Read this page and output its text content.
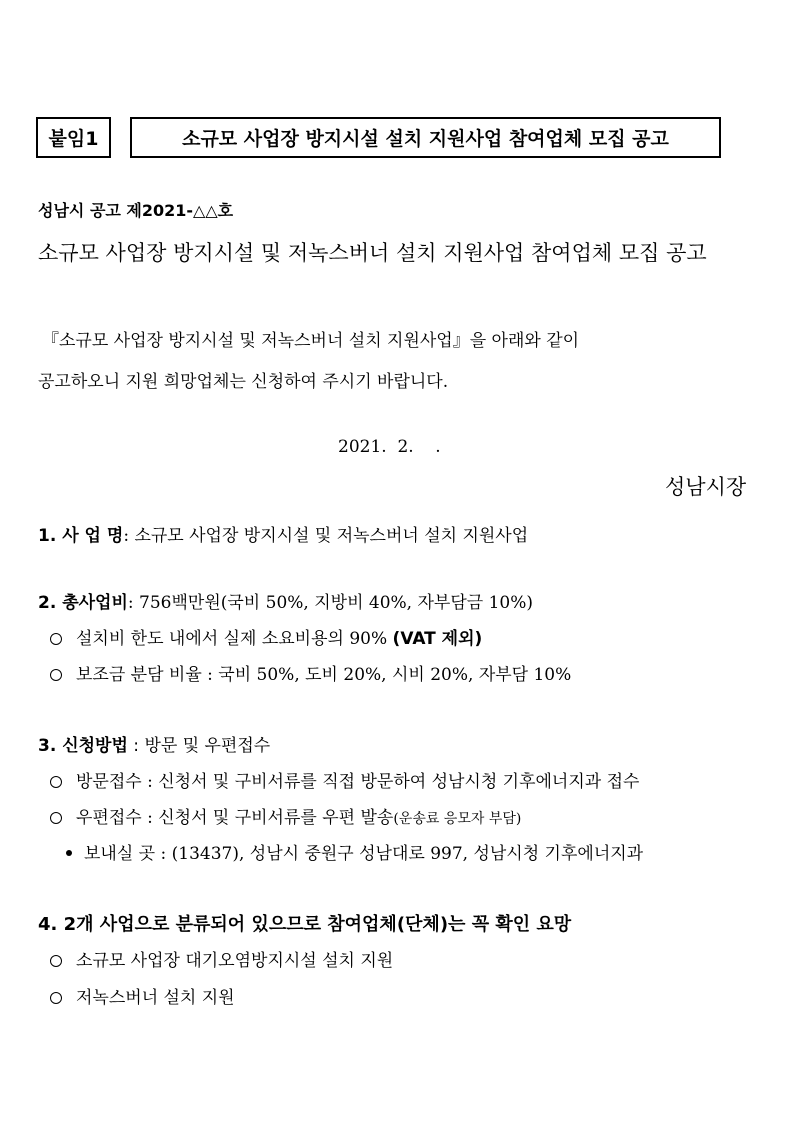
붙임1	소규모 사업장 방지시설 설치 지원사업 참여업체 모집 공고
성남시 공고 제2021-△△호
소규모 사업장 방지시설 및 저녹스버너 설치 지원사업 참여업체 모집 공고
『소규모 사업장 방지시설 및 저녹스버너 설치 지원사업』을 아래와 같이
공고하오니 지원 희망업체는 신청하여 주시기 바랍니다.
2021.  2.    .
성남시장
1. 사 업 명: 소규모 사업장 방지시설 및 저녹스버너 설치 지원사업
2. 총사업비: 756백만원(국비 50%, 지방비 40%, 자부담금 10%)
설치비 한도 내에서 실제 소요비용의 90% (VAT 제외)
보조금 분담 비율 : 국비 50%, 도비 20%, 시비 20%, 자부담 10%
3. 신청방법 : 방문 및 우편접수
방문접수 : 신청서 및 구비서류를 직접 방문하여 성남시청 기후에너지과 접수
우편접수 : 신청서 및 구비서류를 우편 발송(운송료 응모자 부담)
보내실 곳 : (13437), 성남시 중원구 성남대로 997, 성남시청 기후에너지과
4. 2개 사업으로 분류되어 있으므로 참여업체(단체)는 꼭 확인 요망
소규모 사업장 대기오염방지시설 설치 지원
저녹스버너 설치 지원
